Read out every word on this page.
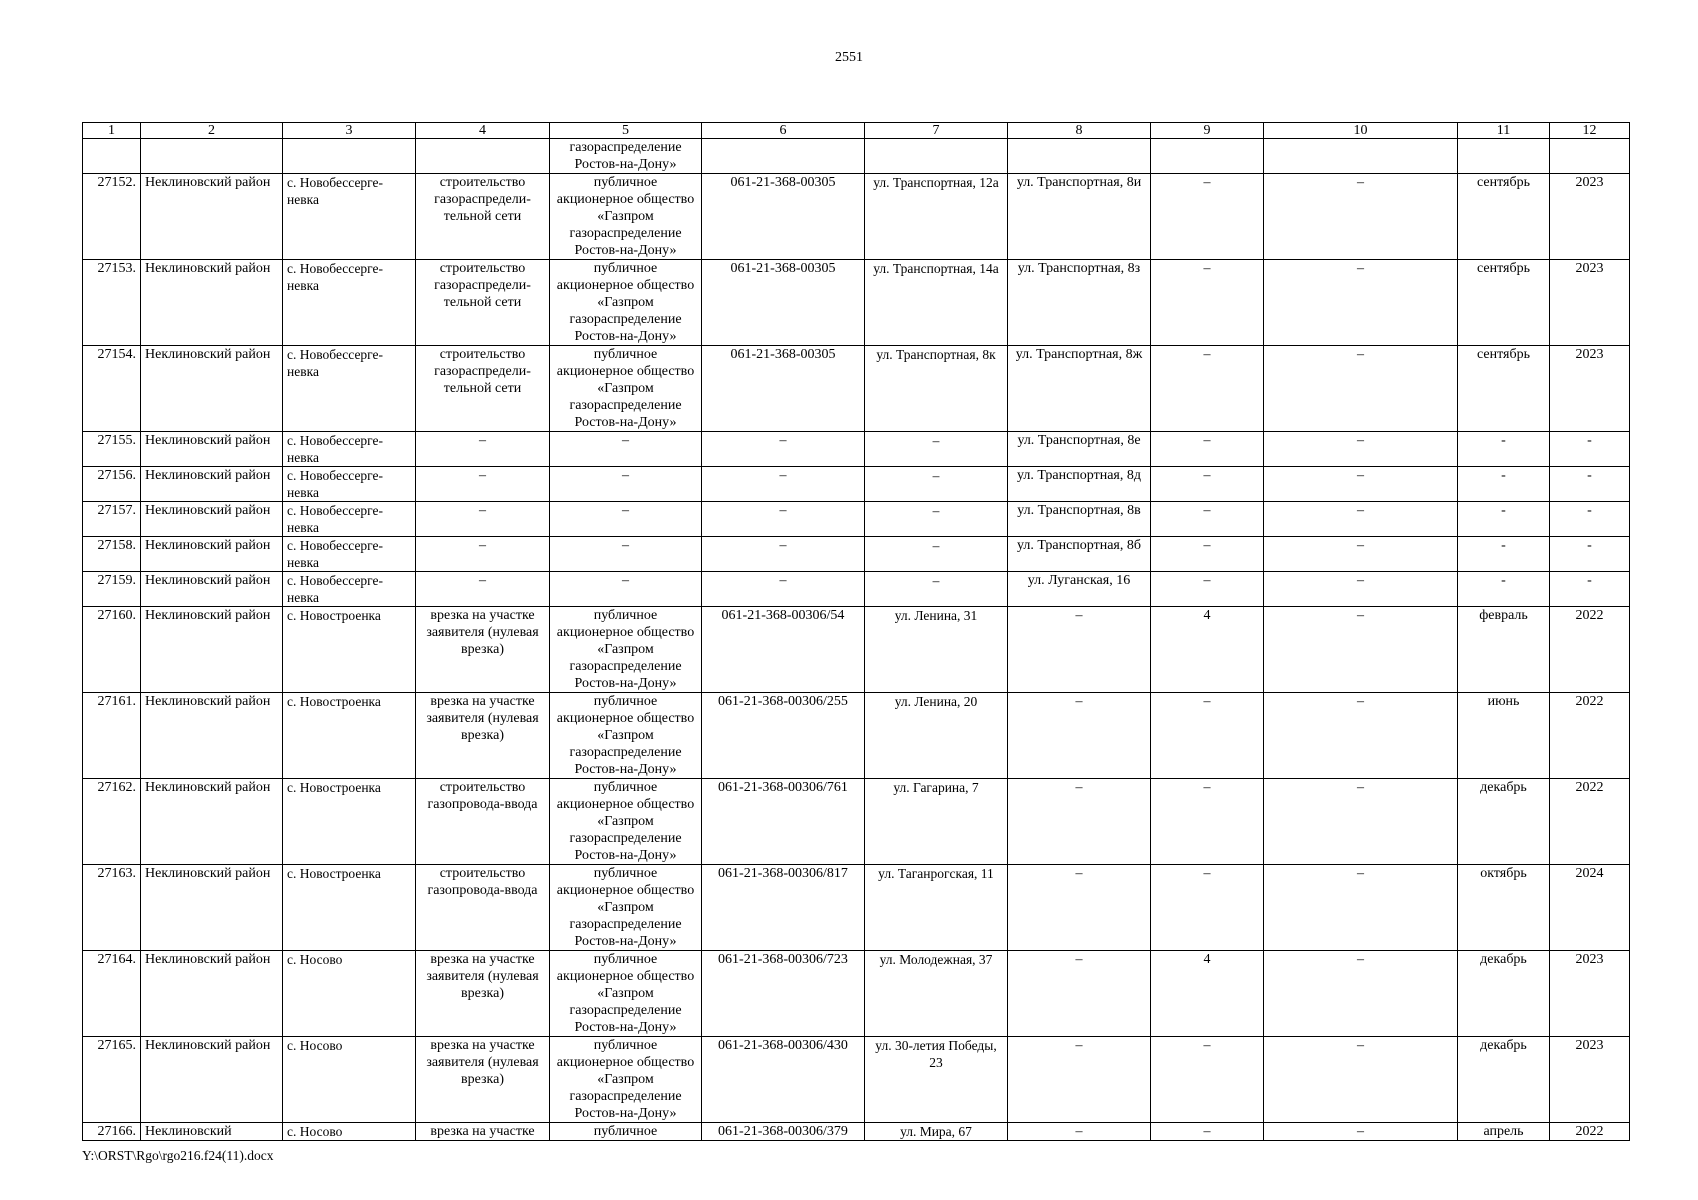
2551
1	2	3	4	5	6	7	8	9	10	11	12
				газораспределение Ростов-на-Дону»							
27152.	Неклиновский район	с. Новобессерге-невка	строительство газораспредели-тельной сети	публичное акционерное общество «Газпром газораспределение Ростов-на-Дону»	061-21-368-00305	ул. Транспортная, 12а	ул. Транспортная, 8и	–	–	сентябрь	2023
27153.	Неклиновский район	с. Новобессерге-невка	строительство газораспредели-тельной сети	публичное акционерное общество «Газпром газораспределение Ростов-на-Дону»	061-21-368-00305	ул. Транспортная, 14а	ул. Транспортная, 8з	–	–	сентябрь	2023
27154.	Неклиновский район	с. Новобессерге-невка	строительство газораспредели-тельной сети	публичное акционерное общество «Газпром газораспределение Ростов-на-Дону»	061-21-368-00305	ул. Транспортная, 8к	ул. Транспортная, 8ж	–	–	сентябрь	2023
27155.	Неклиновский район	с. Новобессерге-невка	–	–	–	–	ул. Транспортная, 8е	–	–	-	-
27156.	Неклиновский район	с. Новобессерге-невка	–	–	–	–	ул. Транспортная, 8д	–	–	-	-
27157.	Неклиновский район	с. Новобессерге-невка	–	–	–	–	ул. Транспортная, 8в	–	–	-	-
27158.	Неклиновский район	с. Новобессерге-невка	–	–	–	–	ул. Транспортная, 8б	–	–	-	-
27159.	Неклиновский район	с. Новобессерге-невка	–	–	–	–	ул. Луганская, 16	–	–	-	-
27160.	Неклиновский район	с. Новостроенка	врезка на участке заявителя (нулевая врезка)	публичное акционерное общество «Газпром газораспределение Ростов-на-Дону»	061-21-368-00306/54	ул. Ленина, 31	–	4	–	февраль	2022
27161.	Неклиновский район	с. Новостроенка	врезка на участке заявителя (нулевая врезка)	публичное акционерное общество «Газпром газораспределение Ростов-на-Дону»	061-21-368-00306/255	ул. Ленина, 20	–	–	–	июнь	2022
27162.	Неклиновский район	с. Новостроенка	строительство газопровода-ввода	публичное акционерное общество «Газпром газораспределение Ростов-на-Дону»	061-21-368-00306/761	ул. Гагарина, 7	–	–	–	декабрь	2022
27163.	Неклиновский район	с. Новостроенка	строительство газопровода-ввода	публичное акционерное общество «Газпром газораспределение Ростов-на-Дону»	061-21-368-00306/817	ул. Таганрогская, 11	–	–	–	октябрь	2024
27164.	Неклиновский район	с. Носово	врезка на участке заявителя (нулевая врезка)	публичное акционерное общество «Газпром газораспределение Ростов-на-Дону»	061-21-368-00306/723	ул. Молодежная, 37	–	4	–	декабрь	2023
27165.	Неклиновский район	с. Носово	врезка на участке заявителя (нулевая врезка)	публичное акционерное общество «Газпром газораспределение Ростов-на-Дону»	061-21-368-00306/430	ул. 30-летия Победы, 23	–	–	–	декабрь	2023
27166.	Неклиновский	с. Носово	врезка на участке	публичное	061-21-368-00306/379	ул. Мира, 67	–	–	–	апрель	2022
Y:\ORST\Rgo\rgo216.f24(11).docx
